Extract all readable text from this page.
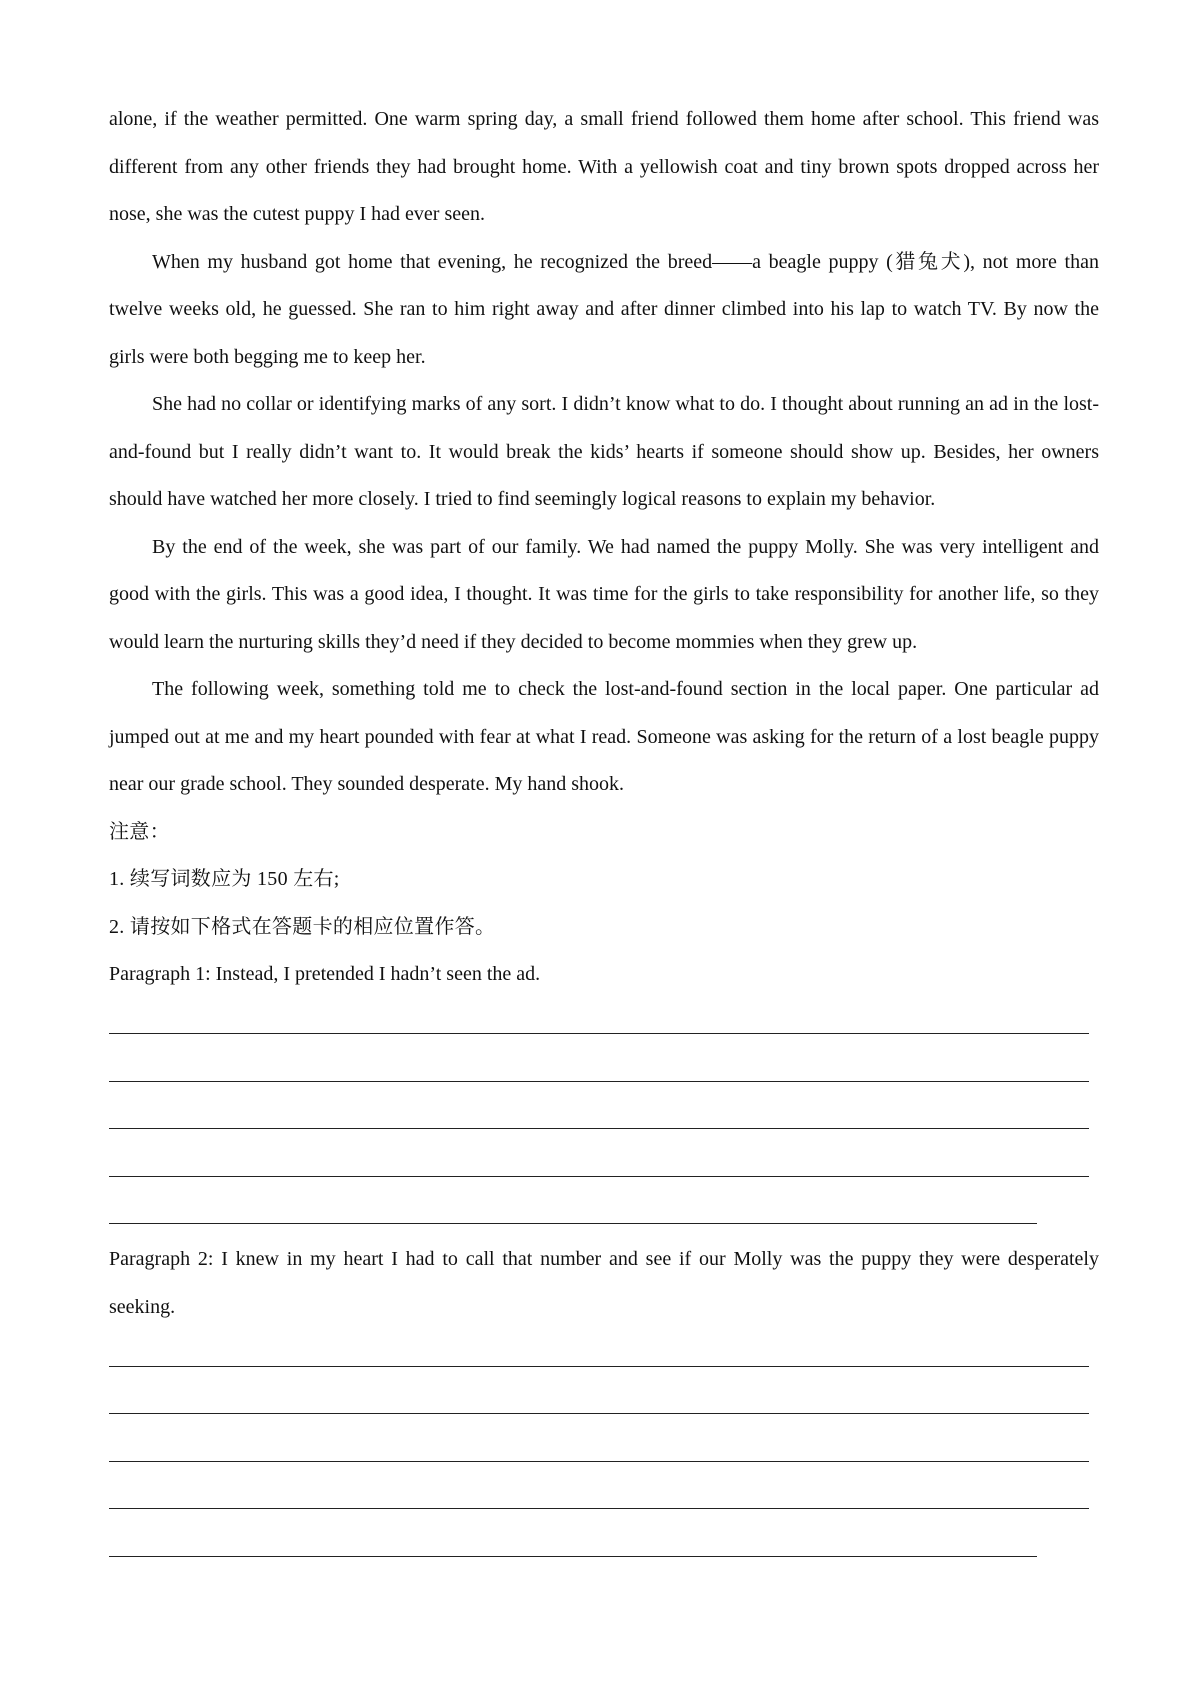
alone, if the weather permitted. One warm spring day, a small friend followed them home after school. This friend was different from any other friends they had brought home. With a yellowish coat and tiny brown spots dropped across her nose, she was the cutest puppy I had ever seen.

When my husband got home that evening, he recognized the breed——a beagle puppy (猎兔犬), not more than twelve weeks old, he guessed. She ran to him right away and after dinner climbed into his lap to watch TV. By now the girls were both begging me to keep her.

She had no collar or identifying marks of any sort. I didn’t know what to do. I thought about running an ad in the lost-and-found but I really didn’t want to. It would break the kids’ hearts if someone should show up. Besides, her owners should have watched her more closely. I tried to find seemingly logical reasons to explain my behavior.

By the end of the week, she was part of our family. We had named the puppy Molly. She was very intelligent and good with the girls. This was a good idea, I thought. It was time for the girls to take responsibility for another life, so they would learn the nurturing skills they’d need if they decided to become mommies when they grew up.

The following week, something told me to check the lost-and-found section in the local paper. One particular ad jumped out at me and my heart pounded with fear at what I read. Someone was asking for the return of a lost beagle puppy near our grade school. They sounded desperate. My hand shook.

注意：

1. 续写词数应为 150 左右;

2. 请按如下格式在答题卡的相应位置作答。

Paragraph 1: Instead, I pretended I hadn’t seen the ad.

Paragraph 2: I knew in my heart I had to call that number and see if our Molly was the puppy they were desperately seeking.
